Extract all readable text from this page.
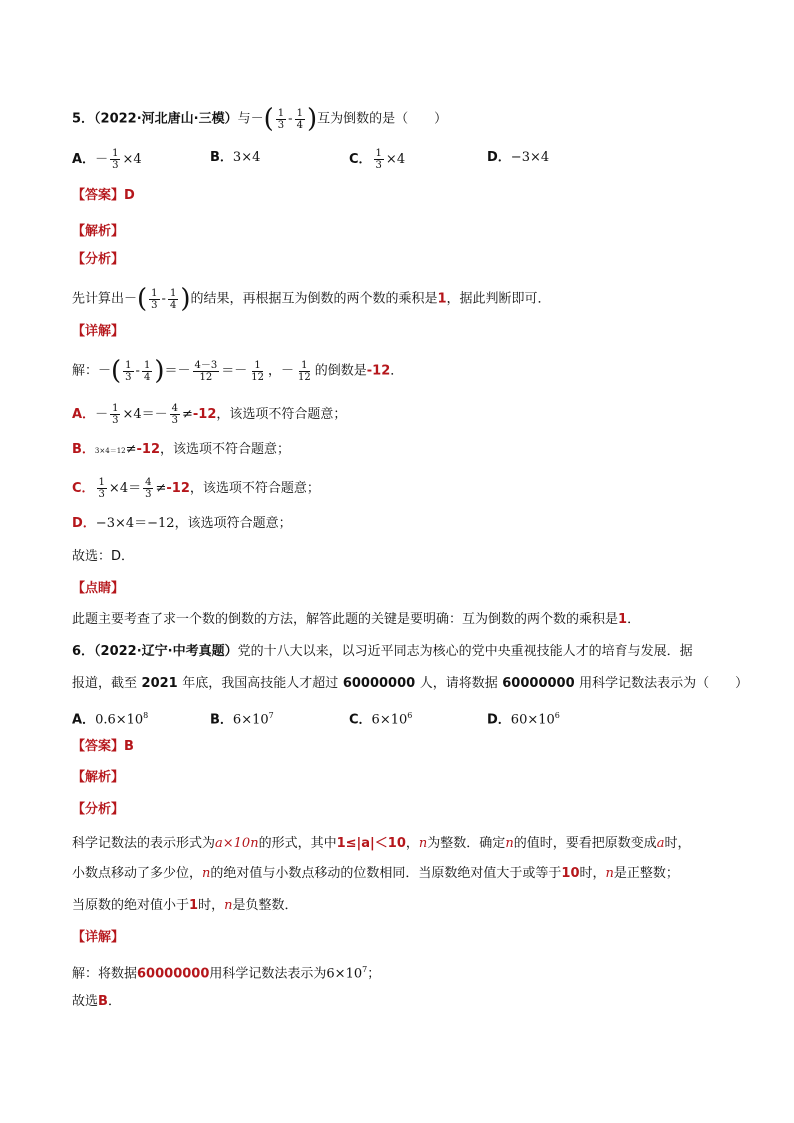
5．（2022·河北唐山·三模）与－( $\frac{1}{3} - \frac{1}{4}$ )互为倒数的是（　　）
A．－ $\frac{1}{3} \times 4$	B．3×4	C． $\frac{1}{3} \times 4$	D．−3×4
【答案】D
【解析】
【分析】
先计算出－( $\frac{1}{3} - \frac{1}{4}$ )的结果，再根据互为倒数的两个数的乘积是1，据此判断即可．
【详解】
解：－( $\frac{1}{3} - \frac{1}{4}$ )＝－ $\frac{4-3}{12} =- \frac{1}{12}$ ，－ $\frac{1}{12}$ 的倒数是-12．
A．－ $\frac{1}{3} \times 4=- \frac{4}{3} \ne-12$，该选项不符合题意；
B．3×4＝12≠-12，该选项不符合题意；
C． $\frac{1}{3} \times 4= \frac{4}{3} \ne-12$，该选项不符合题意；
D．−3×4＝−12，该选项符合题意；
故选：D．
【点睛】
此题主要考查了求一个数的倒数的方法，解答此题的关键是要明确：互为倒数的两个数的乘积是1．
6．（2022·辽宁·中考真题）党的十八大以来，以习近平同志为核心的党中央重视技能人才的培育与发展．据
报道，截至 2021 年底，我国高技能人才超过 60000000 人，请将数据 60000000 用科学记数法表示为（　　）
A．$0.6\times 10^8$	B．$6\times 10^7$	C．$6\times 10^6$	D．$60\times 10^6$
【答案】B
【解析】
【分析】
科学记数法的表示形式为a×10n的形式，其中1≤|a|＜10，n为整数．确定n的值时，要看把原数变成a时，
小数点移动了多少位，n的绝对值与小数点移动的位数相同．当原数绝对值大于或等于10时，n是正整数；
当原数的绝对值小于1时，n是负整数．
【详解】
解：将数据60000000用科学记数法表示为$6\times 10^7$；
故选B．
